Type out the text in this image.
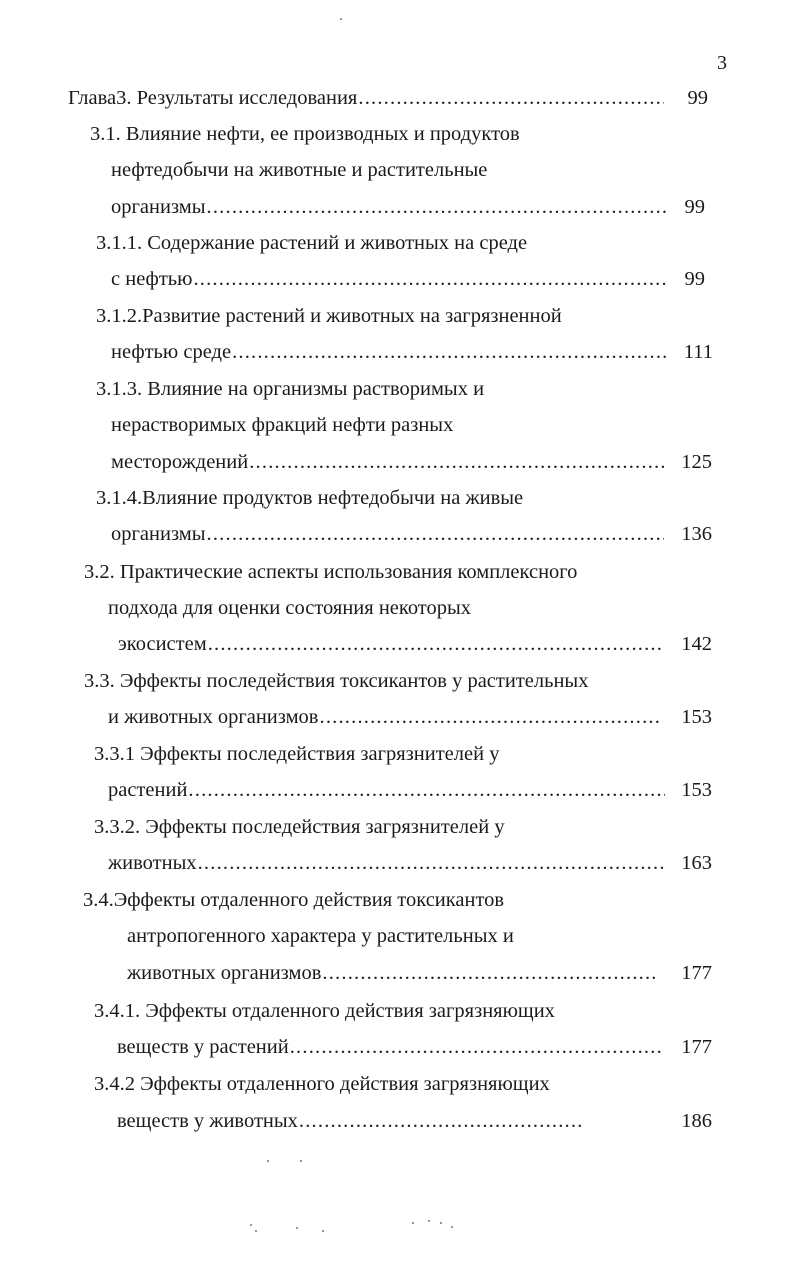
3
Глава3. Результаты исследования .....	99
3.1. Влияние нефти, ее производных и продуктов
нефтедобычи на животные и растительные
организмы .....	99
3.1.1. Содержание растений и животных на среде
с нефтью .....	99
3.1.2.Развитие растений и животных на загрязненной
нефтью среде .....	111
3.1.3. Влияние на организмы растворимых и
нерастворимых фракций нефти разных
месторождений .....	125
3.1.4.Влияние продуктов нефтедобычи на живые
организмы .....	136
3.2. Практические аспекты использования комплексного
подхода для оценки состояния некоторых
экосистем .....	142
3.3. Эффекты последействия токсикантов у растительных
и животных организмов .....	153
3.3.1 Эффекты последействия загрязнителей у
растений .....	153
3.3.2. Эффекты последействия загрязнителей у
животных .....	163
3.4.Эффекты отдаленного действия токсикантов
антропогенного характера у растительных и
животных организмов .....	177
3.4.1. Эффекты отдаленного действия загрязняющих
веществ у растений .....	177
3.4.2 Эффекты отдаленного действия загрязняющих
веществ у животных .....	186
